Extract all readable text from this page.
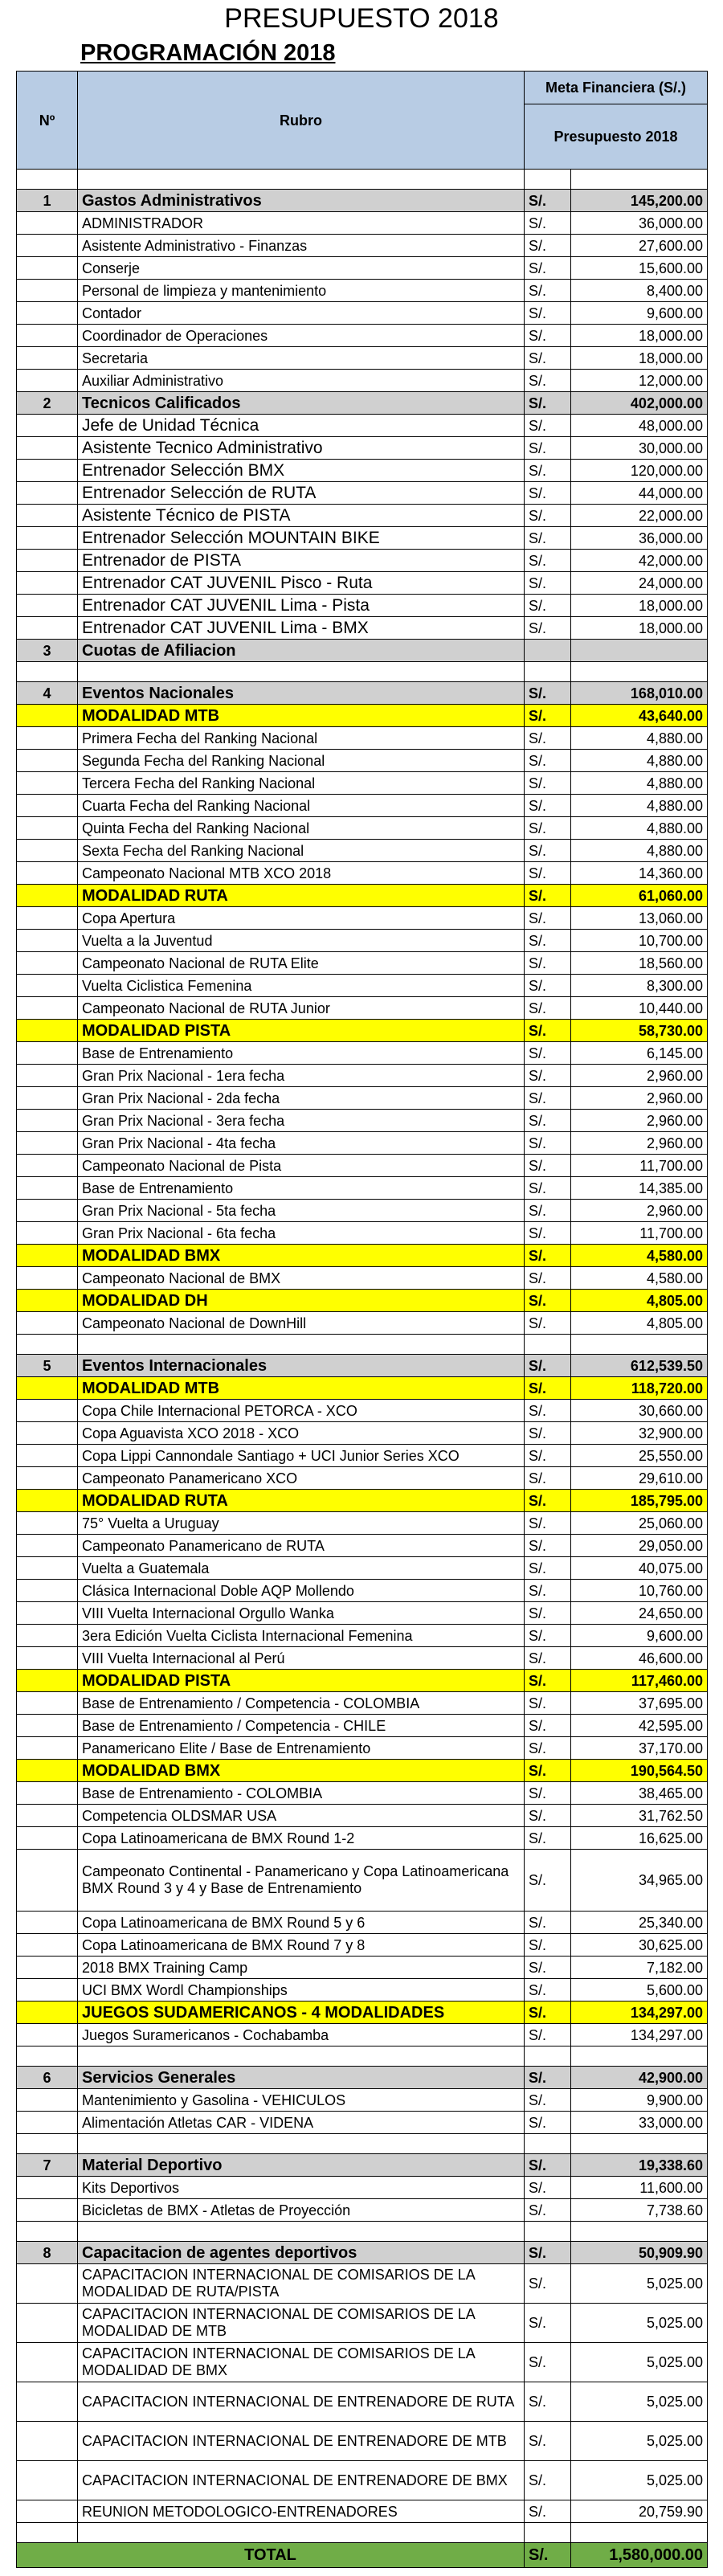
PRESUPUESTO 2018
PROGRAMACIÓN 2018
Nº	Rubro	Meta Financiera (S/.)	
		Presupuesto 2018	

1	Gastos Administrativos	S/.	145,200.00
	ADMINISTRADOR	S/.	36,000.00
	Asistente Administrativo - Finanzas	S/.	27,600.00
	Conserje	S/.	15,600.00
	Personal de limpieza y mantenimiento	S/.	8,400.00
	Contador	S/.	9,600.00
	Coordinador de Operaciones	S/.	18,000.00
	Secretaria	S/.	18,000.00
	Auxiliar Administrativo	S/.	12,000.00
2	Tecnicos Calificados	S/.	402,000.00
	Jefe de Unidad Técnica	S/.	48,000.00
	Asistente Tecnico Administrativo	S/.	30,000.00
	Entrenador Selección BMX	S/.	120,000.00
	Entrenador Selección de RUTA	S/.	44,000.00
	Asistente Técnico de PISTA	S/.	22,000.00
	Entrenador Selección MOUNTAIN BIKE	S/.	36,000.00
	Entrenador de PISTA	S/.	42,000.00
	Entrenador CAT JUVENIL Pisco - Ruta	S/.	24,000.00
	Entrenador CAT JUVENIL Lima - Pista	S/.	18,000.00
	Entrenador CAT JUVENIL Lima - BMX	S/.	18,000.00
3	Cuotas de Afiliacion		

4	Eventos Nacionales	S/.	168,010.00
	MODALIDAD MTB	S/.	43,640.00
	Primera Fecha del Ranking Nacional	S/.	4,880.00
	Segunda Fecha del Ranking Nacional	S/.	4,880.00
	Tercera Fecha del Ranking Nacional	S/.	4,880.00
	Cuarta Fecha del Ranking Nacional	S/.	4,880.00
	Quinta Fecha del Ranking Nacional	S/.	4,880.00
	Sexta Fecha del Ranking Nacional	S/.	4,880.00
	Campeonato Nacional MTB XCO 2018	S/.	14,360.00
	MODALIDAD RUTA	S/.	61,060.00
	Copa Apertura	S/.	13,060.00
	Vuelta a la Juventud	S/.	10,700.00
	Campeonato Nacional de RUTA Elite	S/.	18,560.00
	Vuelta Ciclistica Femenina	S/.	8,300.00
	Campeonato Nacional de RUTA Junior	S/.	10,440.00
	MODALIDAD PISTA	S/.	58,730.00
	Base de Entrenamiento	S/.	6,145.00
	Gran Prix Nacional - 1era fecha	S/.	2,960.00
	Gran Prix Nacional - 2da fecha	S/.	2,960.00
	Gran Prix Nacional - 3era fecha	S/.	2,960.00
	Gran Prix Nacional - 4ta fecha	S/.	2,960.00
	Campeonato Nacional de Pista	S/.	11,700.00
	Base de Entrenamiento	S/.	14,385.00
	Gran Prix Nacional - 5ta fecha	S/.	2,960.00
	Gran Prix Nacional - 6ta fecha	S/.	11,700.00
	MODALIDAD BMX	S/.	4,580.00
	Campeonato Nacional de BMX	S/.	4,580.00
	MODALIDAD DH	S/.	4,805.00
	Campeonato Nacional de DownHill	S/.	4,805.00

5	Eventos Internacionales	S/.	612,539.50
	MODALIDAD MTB	S/.	118,720.00
	Copa Chile Internacional PETORCA - XCO	S/.	30,660.00
	Copa Aguavista XCO 2018 - XCO	S/.	32,900.00
	Copa Lippi Cannondale Santiago + UCI Junior Series XCO	S/.	25,550.00
	Campeonato Panamericano XCO	S/.	29,610.00
	MODALIDAD RUTA	S/.	185,795.00
	75° Vuelta a Uruguay	S/.	25,060.00
	Campeonato Panamericano de RUTA	S/.	29,050.00
	Vuelta a Guatemala	S/.	40,075.00
	Clásica Internacional Doble AQP Mollendo	S/.	10,760.00
	VIII Vuelta Internacional Orgullo Wanka	S/.	24,650.00
	3era Edición Vuelta Ciclista Internacional Femenina	S/.	9,600.00
	VIII Vuelta Internacional al Perú	S/.	46,600.00
	MODALIDAD PISTA	S/.	117,460.00
	Base de Entrenamiento / Competencia - COLOMBIA	S/.	37,695.00
	Base de Entrenamiento / Competencia - CHILE	S/.	42,595.00
	Panamericano Elite / Base de Entrenamiento	S/.	37,170.00
	MODALIDAD BMX	S/.	190,564.50
	Base de Entrenamiento - COLOMBIA	S/.	38,465.00
	Competencia OLDSMAR USA	S/.	31,762.50
	Copa Latinoamericana de BMX Round 1-2	S/.	16,625.00
	Campeonato Continental - Panamericano y Copa Latinoamericana BMX Round 3 y 4 y Base de Entrenamiento	S/.	34,965.00
	Copa Latinoamericana de BMX Round 5 y 6	S/.	25,340.00
	Copa Latinoamericana de BMX Round 7 y 8	S/.	30,625.00
	2018 BMX Training Camp	S/.	7,182.00
	UCI BMX Wordl Championships	S/.	5,600.00
	JUEGOS SUDAMERICANOS - 4 MODALIDADES	S/.	134,297.00
	Juegos Suramericanos - Cochabamba	S/.	134,297.00

6	Servicios Generales	S/.	42,900.00
	Mantenimiento y Gasolina - VEHICULOS	S/.	9,900.00
	Alimentación Atletas CAR - VIDENA	S/.	33,000.00

7	Material Deportivo	S/.	19,338.60
	Kits Deportivos	S/.	11,600.00
	Bicicletas de BMX - Atletas de Proyección	S/.	7,738.60

8	Capacitacion de agentes deportivos	S/.	50,909.90
	CAPACITACION INTERNACIONAL DE COMISARIOS DE LA MODALIDAD DE RUTA/PISTA	S/.	5,025.00
	CAPACITACION INTERNACIONAL DE COMISARIOS DE LA MODALIDAD DE MTB	S/.	5,025.00
	CAPACITACION INTERNACIONAL DE COMISARIOS DE LA MODALIDAD DE BMX	S/.	5,025.00
	CAPACITACION INTERNACIONAL DE ENTRENADORE DE RUTA	S/.	5,025.00
	CAPACITACION INTERNACIONAL DE ENTRENADORE DE MTB	S/.	5,025.00
	CAPACITACION INTERNACIONAL DE ENTRENADORE DE BMX	S/.	5,025.00
	REUNION METODOLOGICO-ENTRENADORES	S/.	20,759.90

TOTAL		S/.	1,580,000.00
